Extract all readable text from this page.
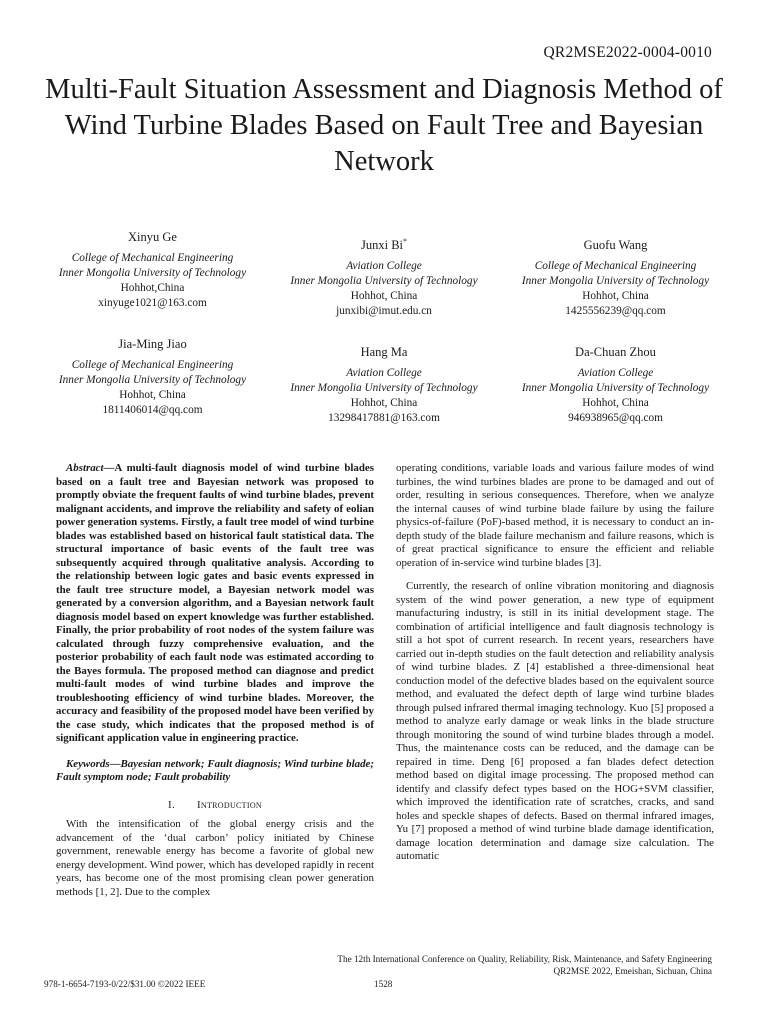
QR2MSE2022-0004-0010
Multi-Fault Situation Assessment and Diagnosis Method of Wind Turbine Blades Based on Fault Tree and Bayesian Network
Xinyu Ge
College of Mechanical Engineering
Inner Mongolia University of Technology
Hohhot,China
xinyuge1021@163.com
Junxi Bi*
Aviation College
Inner Mongolia University of Technology
Hohhot, China
junxibi@imut.edu.cn
Guofu Wang
College of Mechanical Engineering
Inner Mongolia University of Technology
Hohhot, China
1425556239@qq.com
Jia-Ming Jiao
College of Mechanical Engineering
Inner Mongolia University of Technology
Hohhot, China
1811406014@qq.com
Hang Ma
Aviation College
Inner Mongolia University of Technology
Hohhot, China
13298417881@163.com
Da-Chuan Zhou
Aviation College
Inner Mongolia University of Technology
Hohhot, China
946938965@qq.com

Abstract—A multi-fault diagnosis model of wind turbine blades based on a fault tree and Bayesian network was proposed to promptly obviate the frequent faults of wind turbine blades, prevent malignant accidents, and improve the reliability and safety of eolian power generation systems. Firstly, a fault tree model of wind turbine blades was established based on historical fault statistical data. The structural importance of basic events of the fault tree was subsequently acquired through qualitative analysis. According to the relationship between logic gates and basic events expressed in the fault tree structure model, a Bayesian network model was generated by a conversion algorithm, and a Bayesian network fault diagnosis model based on expert knowledge was further established. Finally, the prior probability of root nodes of the system failure was calculated through fuzzy comprehensive evaluation, and the posterior probability of each fault node was estimated according to the Bayes formula. The proposed method can diagnose and predict multi-fault modes of wind turbine blades and improve the troubleshooting efficiency of wind turbine blades. Moreover, the accuracy and feasibility of the proposed model have been verified by the case study, which indicates that the proposed method is of significant application value in engineering practice.

Keywords—Bayesian network; Fault diagnosis; Wind turbine blade; Fault symptom node; Fault probability

I. Introduction

With the intensification of the global energy crisis and the advancement of the ‘dual carbon’ policy initiated by Chinese government, renewable energy has become a favorite of global new energy development. Wind power, which has developed rapidly in recent years, has become one of the most promising clean power generation methods [1, 2]. Due to the complex

operating conditions, variable loads and various failure modes of wind turbines, the wind turbines blades are prone to be damaged and out of order, resulting in serious consequences. Therefore, when we analyze the internal causes of wind turbine blade failure by using the failure physics-of-failure (PoF)-based method, it is necessary to conduct an in-depth study of the blade failure mechanism and failure reasons, which is of great practical significance to ensure the efficient and reliable operation of in-service wind turbine blades [3].

Currently, the research of online vibration monitoring and diagnosis system of the wind power generation, a new type of equipment manufacturing industry, is still in its initial development stage. The combination of artificial intelligence and fault diagnosis technology is still a hot spot of current research. In recent years, researchers have carried out in-depth studies on the fault detection and reliability analysis of wind turbine blades. Z [4] established a three-dimensional heat conduction model of the defective blades based on the equivalent source method, and evaluated the defect depth of large wind turbine blades through pulsed infrared thermal imaging technology. Kuo [5] proposed a method to analyze early damage or weak links in the blade structure through monitoring the sound of wind turbine blades through a model. Thus, the maintenance costs can be reduced, and the damage can be repaired in time. Deng [6] proposed a fan blades defect detection method based on digital image processing. The proposed method can identify and classify defect types based on the HOG+SVM classifier, which improved the identification rate of scratches, cracks, and sand holes and speckle shapes of defects. Based on thermal infrared images, Yu [7] proposed a method of wind turbine blade damage identification, damage location determination and damage size calculation. The automatic

The 12th International Conference on Quality, Reliability, Risk, Maintenance, and Safety Engineering
QR2MSE 2022, Emeishan, Sichuan, China
978-1-6654-7193-0/22/$31.00 ©2022 IEEE	1528
